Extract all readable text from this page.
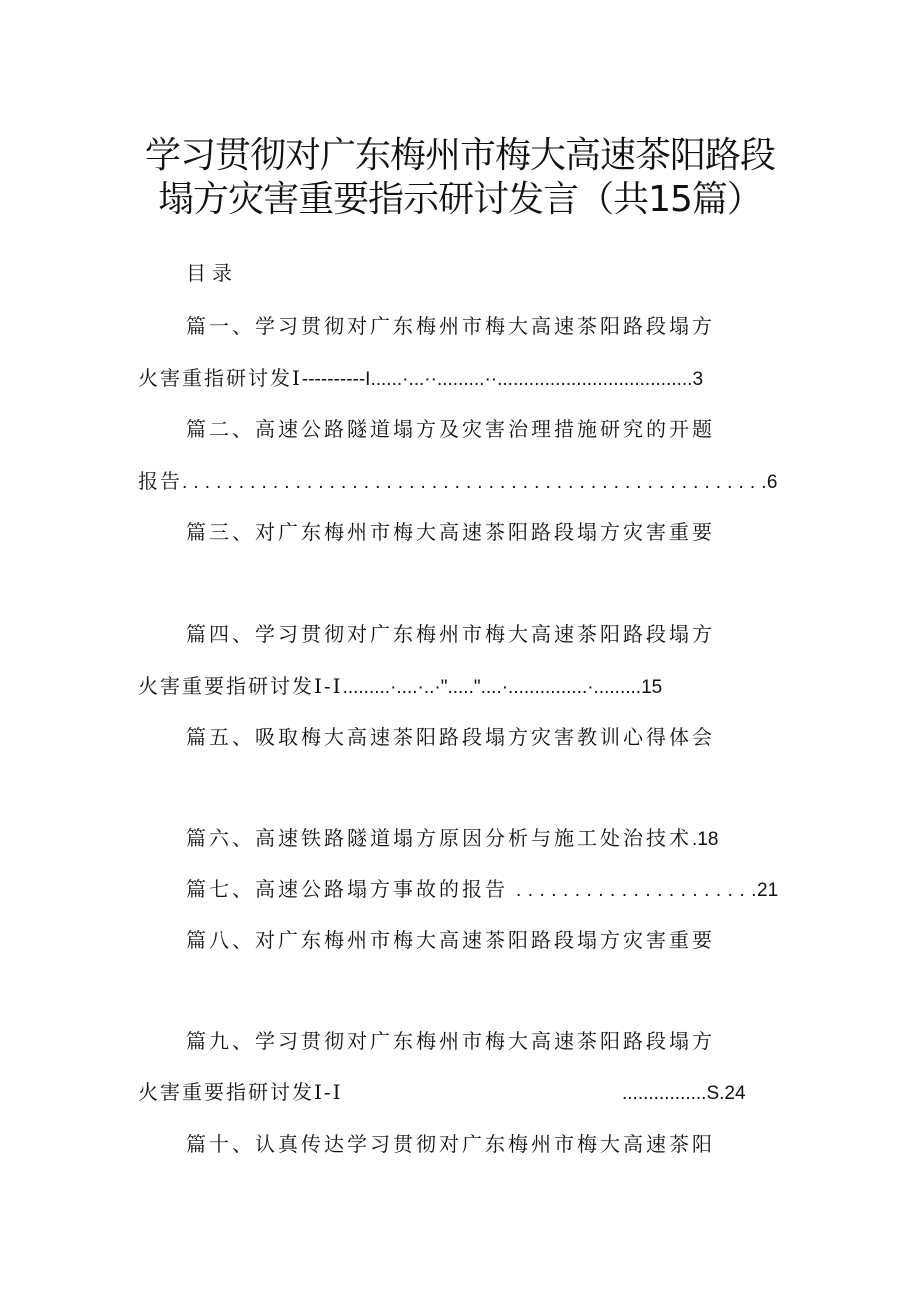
学习贯彻对广东梅州市梅大高速茶阳路段
塌方灾害重要指示研讨发言（共15篇）
目录
篇一、学习贯彻对广东梅州市梅大高速茶阳路段塌方
火害重指研讨发I----------I......·...··.........··.....................................3
篇二、高速公路隧道塌方及灾害治理措施研究的开题
报告. . . . . . . . . . . . . . . . . . . . . . . . . . . . . . . . . . . . . . . . . . . . . . . . . . . .6
篇三、对广东梅州市梅大高速茶阳路段塌方灾害重要
篇四、学习贯彻对广东梅州市梅大高速茶阳路段塌方
火害重要指研讨发I-I.........·....·..·"....."....·...............·.........15
篇五、吸取梅大高速茶阳路段塌方灾害教训心得体会
篇六、高速铁路隧道塌方原因分析与施工处治技术.18
篇七、高速公路塌方事故的报告 . . . . . . . . . . . . . . . . . . . . .21
篇八、对广东梅州市梅大高速茶阳路段塌方灾害重要
篇九、学习贯彻对广东梅州市梅大高速茶阳路段塌方
火害重要指研讨发I-I	................S.24
篇十、认真传达学习贯彻对广东梅州市梅大高速茶阳
